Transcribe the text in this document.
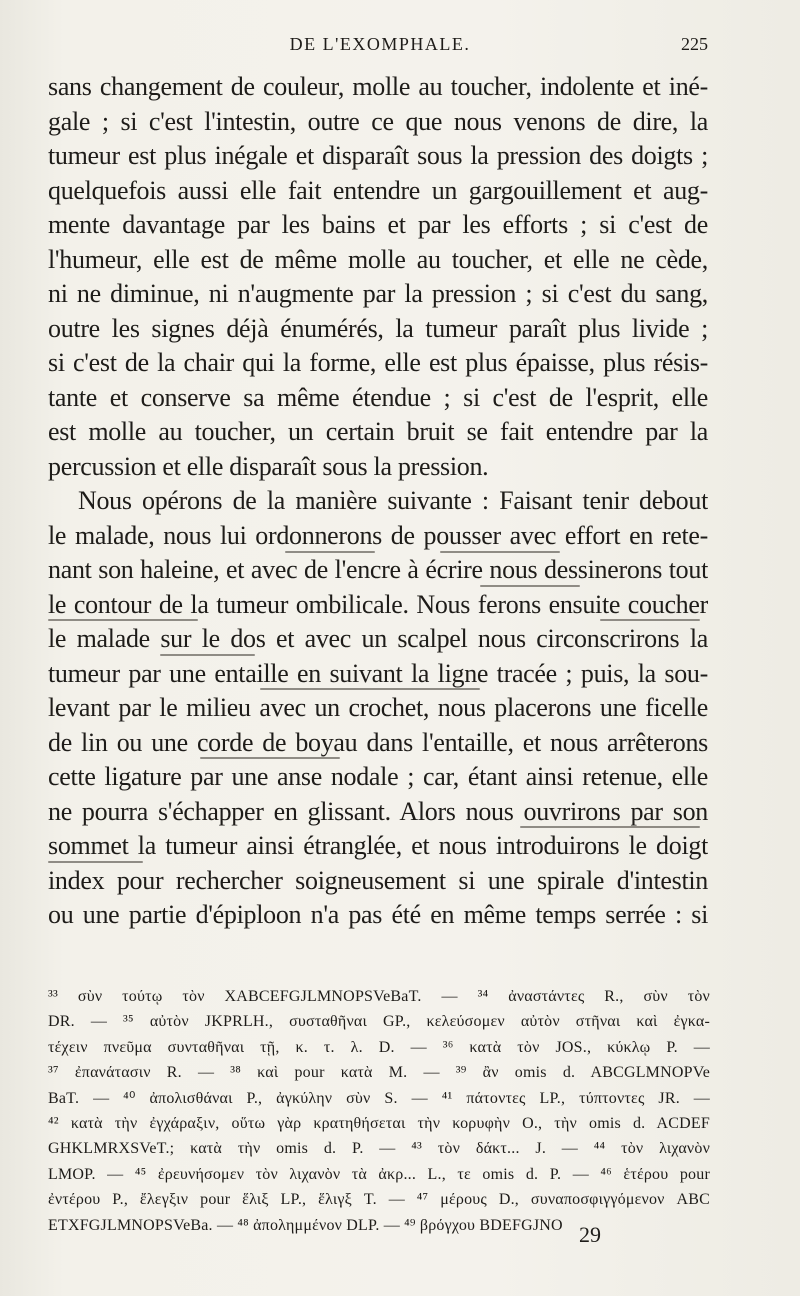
DE L'EXOMPHALE.	225
sans changement de couleur, molle au toucher, indolente et iné-
gale ; si c'est l'intestin, outre ce que nous venons de dire, la
tumeur est plus inégale et disparaît sous la pression des doigts ;
quelquefois aussi elle fait entendre un gargouillement et aug-
mente davantage par les bains et par les efforts ; si c'est de
l'humeur, elle est de même molle au toucher, et elle ne cède,
ni ne diminue, ni n'augmente par la pression ; si c'est du sang,
outre les signes déjà énumérés, la tumeur paraît plus livide ;
si c'est de la chair qui la forme, elle est plus épaisse, plus résis-
tante et conserve sa même étendue ; si c'est de l'esprit, elle
est molle au toucher, un certain bruit se fait entendre par la
percussion et elle disparaît sous la pression.
Nous opérons de la manière suivante : Faisant tenir debout
le malade, nous lui ordonnerons de pousser avec effort en rete-
nant son haleine, et avec de l'encre à écrire nous dessinerons tout
le contour de la tumeur ombilicale. Nous ferons ensuite coucher
le malade sur le dos et avec un scalpel nous circonscrirons la
tumeur par une entaille en suivant la ligne tracée ; puis, la sou-
levant par le milieu avec un crochet, nous placerons une ficelle
de lin ou une corde de boyau dans l'entaille, et nous arrêterons
cette ligature par une anse nodale ; car, étant ainsi retenue, elle
ne pourra s'échapper en glissant. Alors nous ouvrirons par son
sommet la tumeur ainsi étranglée, et nous introduirons le doigt
index pour rechercher soigneusement si une spirale d'intestin
ou une partie d'épiploon n'a pas été en même temps serrée : si
³³ σὺν τούτῳ τὸν XABCEFGJLMNOPSVeBaT. — ³⁴ ἀναστάντες R., σὺν τὸν
DR. — ³⁵ αὐτὸν JKPRLH., συσταθῆναι GP., κελεύσομεν αὐτὸν στῆναι καὶ ἐγκα-
τέχειν πνεῦμα συνταθῆναι τῇ, κ. τ. λ. D. — ³⁶ κατὰ τὸν JOS., κύκλῳ P. —
³⁷ ἐπανάτασιν R. — ³⁸ καὶ pour κατὰ M. — ³⁹ ἂν omis d. ABCGLMNOPVe
BaT. — ⁴⁰ ἀπολισθάναι P., ἀγκύλην σὺν S. — ⁴¹ πάτοντες LP., τύπτοντες JR. —
⁴² κατὰ τὴν ἐγχάραξιν, οὕτω γὰρ κρατηθήσεται τὴν κορυφὴν O., τὴν omis d. ACDEF
GHKLMRXSVeT.; κατὰ τὴν omis d. P. — ⁴³ τὸν δάκτ... J. — ⁴⁴ τὸν λιχανὸν
LMOP. — ⁴⁵ ἐρευνήσομεν τὸν λιχανὸν τὰ ἀκρ... L., τε omis d. P. — ⁴⁶ ἑτέρου pour
ἐντέρου P., ἔλεγξιν pour ἕλιξ LP., ἕλιγξ T. — ⁴⁷ μέρους D., συναποσφιγγόμενον ABC
ETXFGJLMNOPSVeBa. — ⁴⁸ ἀπολημμένον DLP. — ⁴⁹ βρόγχου BDEFGJNO 29
